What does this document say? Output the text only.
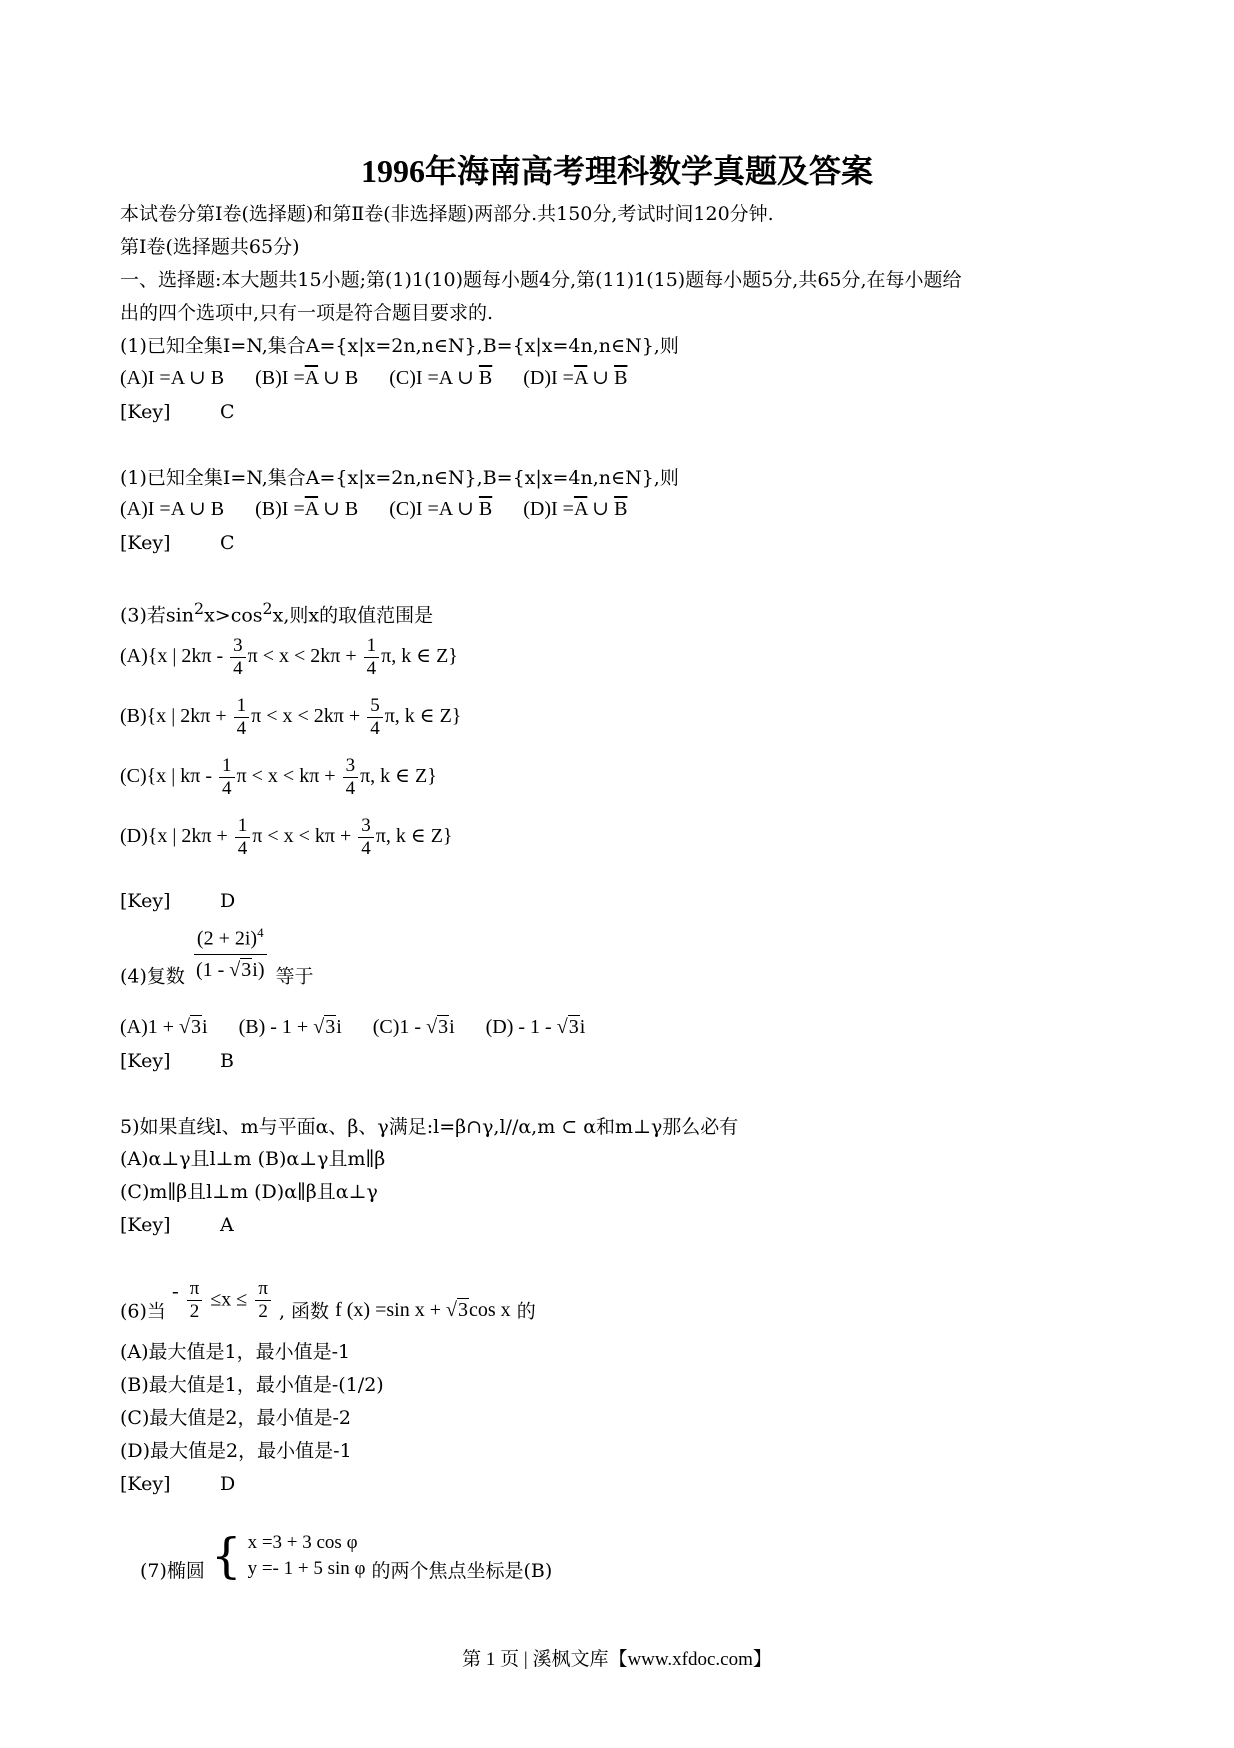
1996年海南高考理科数学真题及答案
本试卷分第Ⅰ卷(选择题)和第Ⅱ卷(非选择题)两部分.共150分,考试时间120分钟.
第Ⅰ卷(选择题共65分)
一、选择题:本大题共15小题;第(1)1(10)题每小题4分,第(11)1(15)题每小题5分,共65分,在每小题给
出的四个选项中,只有一项是符合题目要求的.
(1)已知全集I=N,集合A={x|x=2n,n∈N},B={x|x=4n,n∈N},则
(A)I =A ∪ B $(B)I =\overline{A}$ ∪ B (C)I =A ∪ $\overline{B}$ $(D)I =\overline{A}$ ∪ $\overline{B}$
[Key]	C
(1)已知全集I=N,集合A={x|x=2n,n∈N},B={x|x=4n,n∈N},则
(A)I =A ∪ B $(B)I =\overline{A}$ ∪ B (C)I =A ∪ $\overline{B}$ $(D)I =\overline{A}$ ∪ $\overline{B}$
[Key]	C
(3)若$\sin^2x>\cos^2x$,则x的取值范围是
(A){x | $2k\pi - \frac{3}{4}$ $\pi < x < 2k\pi + \frac{1}{4} \pi$, k ∈ Z}
(B){x | $2k\pi + \frac{1}{4}$ $\pi < x < 2k\pi + \frac{5}{4} \pi$, k ∈ Z}
(C){x | kπ - $\frac{1}{4}$ $\pi < x < k\pi + \frac{3}{4} \pi$, k ∈ Z}
(D){x | $2k\pi + \frac{1}{4}$ $\pi < x < k\pi + \frac{3}{4} \pi$, k ∈ Z}
[Key]	D
(4)复数 $\frac{(2 + 2i)^4}{(1 - √3i)}$ 等于
(A)1 + √3i (B) - 1 + √3i (C)1 - √3i (D) - 1 - √3i
[Key]	B
5)如果直线l、m与平面α、β、γ满足:l=β∩γ,l//α,m ⊂ α和m⊥γ那么必有
(A)α⊥γ且l⊥m (B)α⊥γ且m∥β
(C)m∥β且l⊥m (D)α∥β且α⊥γ
[Key]	A
(6)当 - $\frac{\pi}{2} \le x \le \frac{\pi}{2}$ , 函数 f (x) =sin x + √3cos x 的
(A)最大值是1，最小值是-1
(B)最大值是1，最小值是-(1/2)
(C)最大值是2，最小值是-2
(D)最大值是2，最小值是-1
[Key]	D
(7)椭圆 { x =3 + 3 cos φ
y =- 1 + 5 sin φ 的两个焦点坐标是(B)
第 1 页 | 溪枫文库【www.xfdoc.com】
